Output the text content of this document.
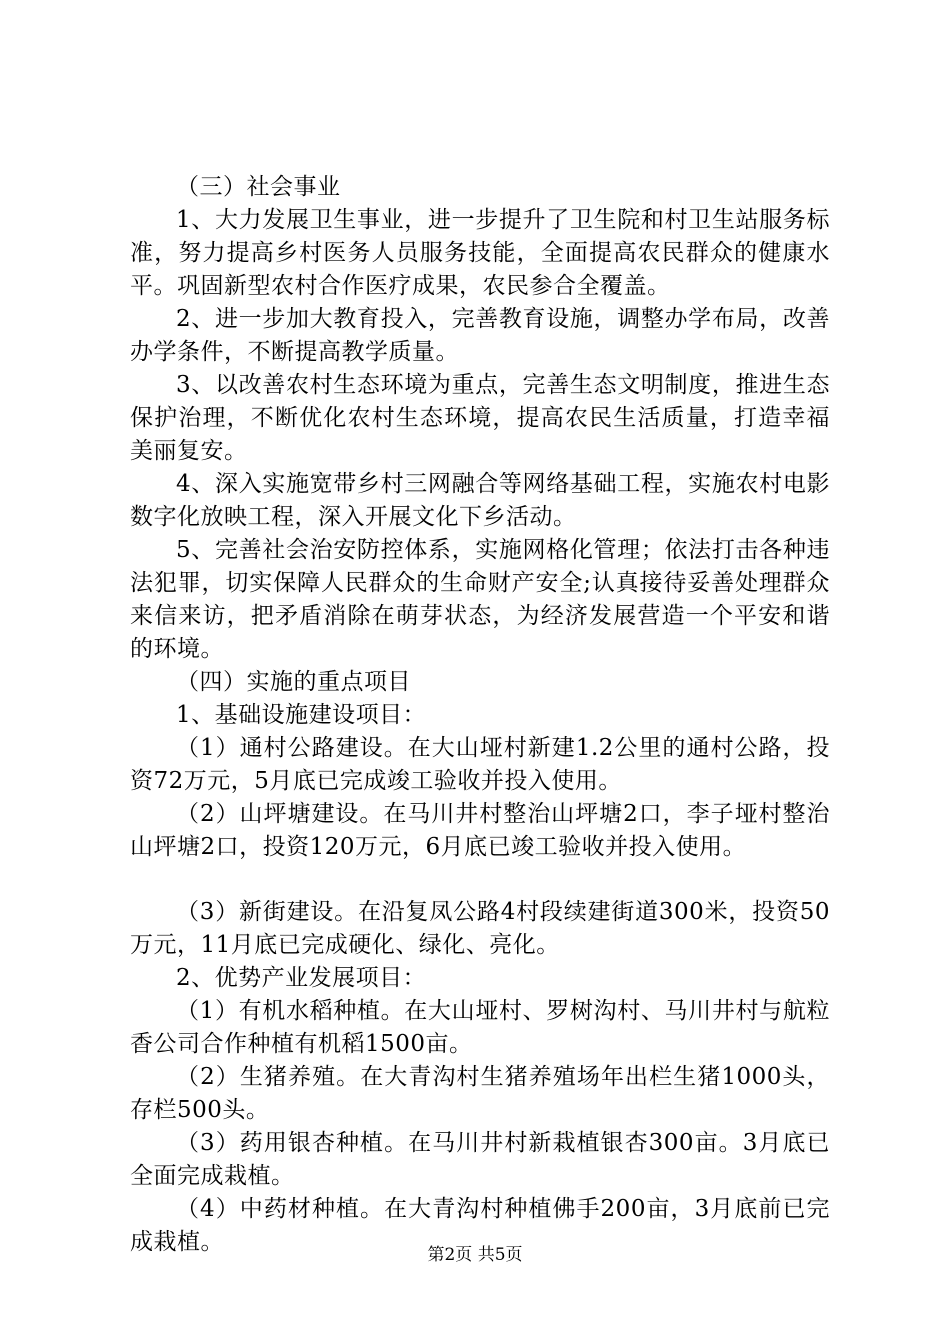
（三）社会事业

1、大力发展卫生事业，进一步提升了卫生院和村卫生站服务标准，努力提高乡村医务人员服务技能，全面提高农民群众的健康水平。巩固新型农村合作医疗成果，农民参合全覆盖。

2、进一步加大教育投入，完善教育设施，调整办学布局，改善办学条件，不断提高教学质量。

3、以改善农村生态环境为重点，完善生态文明制度，推进生态保护治理，不断优化农村生态环境，提高农民生活质量，打造幸福美丽复安。

4、深入实施宽带乡村三网融合等网络基础工程，实施农村电影数字化放映工程，深入开展文化下乡活动。

5、完善社会治安防控体系，实施网格化管理；依法打击各种违法犯罪，切实保障人民群众的生命财产安全;认真接待妥善处理群众来信来访，把矛盾消除在萌芽状态，为经济发展营造一个平安和谐的环境。

（四）实施的重点项目

1、基础设施建设项目：

（1）通村公路建设。在大山垭村新建1.2公里的通村公路，投资72万元，5月底已完成竣工验收并投入使用。

（2）山坪塘建设。在马川井村整治山坪塘2口，李子垭村整治山坪塘2口，投资120万元，6月底已竣工验收并投入使用。

（3）新街建设。在沿复凤公路4村段续建街道300米，投资50万元，11月底已完成硬化、绿化、亮化。

2、优势产业发展项目：

（1）有机水稻种植。在大山垭村、罗树沟村、马川井村与航粒香公司合作种植有机稻1500亩。

（2）生猪养殖。在大青沟村生猪养殖场年出栏生猪1000头，存栏500头。

（3）药用银杏种植。在马川井村新栽植银杏300亩。3月底已全面完成栽植。

（4）中药材种植。在大青沟村种植佛手200亩，3月底前已完成栽植。	第2页 共5页
